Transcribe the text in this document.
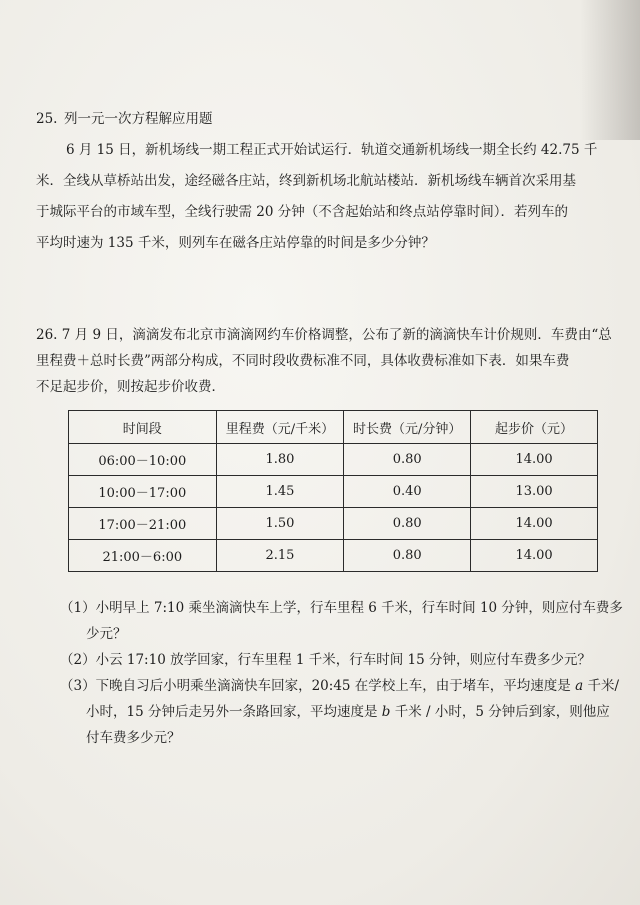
25. 列一元一次方程解应用题
6 月 15 日，新机场线一期工程正式开始试运行．轨道交通新机场线一期全长约 42.75 千
米．全线从草桥站出发，途经磁各庄站，终到新机场北航站楼站．新机场线车辆首次采用基
于城际平台的市域车型，全线行驶需 20 分钟（不含起始站和终点站停靠时间）．若列车的
平均时速为 135 千米，则列车在磁各庄站停靠的时间是多少分钟？
26. 7 月 9 日，滴滴发布北京市滴滴网约车价格调整，公布了新的滴滴快车计价规则．车费由“总
里程费＋总时长费”两部分构成，不同时段收费标准不同，具体收费标准如下表．如果车费
不足起步价，则按起步价收费．
时间段	里程费（元/千米）	时长费（元/分钟）	起步价（元）
06:00－10:00	1.80	0.80	14.00
10:00－17:00	1.45	0.40	13.00
17:00－21:00	1.50	0.80	14.00
21:00－6:00	2.15	0.80	14.00
（1）小明早上 7:10 乘坐滴滴快车上学，行车里程 6 千米，行车时间 10 分钟，则应付车费多
少元？
（2）小云 17:10 放学回家，行车里程 1 千米，行车时间 15 分钟，则应付车费多少元？
（3）下晚自习后小明乘坐滴滴快车回家，20:45 在学校上车，由于堵车，平均速度是 a 千米/
小时，15 分钟后走另外一条路回家，平均速度是 b 千米 / 小时，5 分钟后到家，则他应
付车费多少元？
